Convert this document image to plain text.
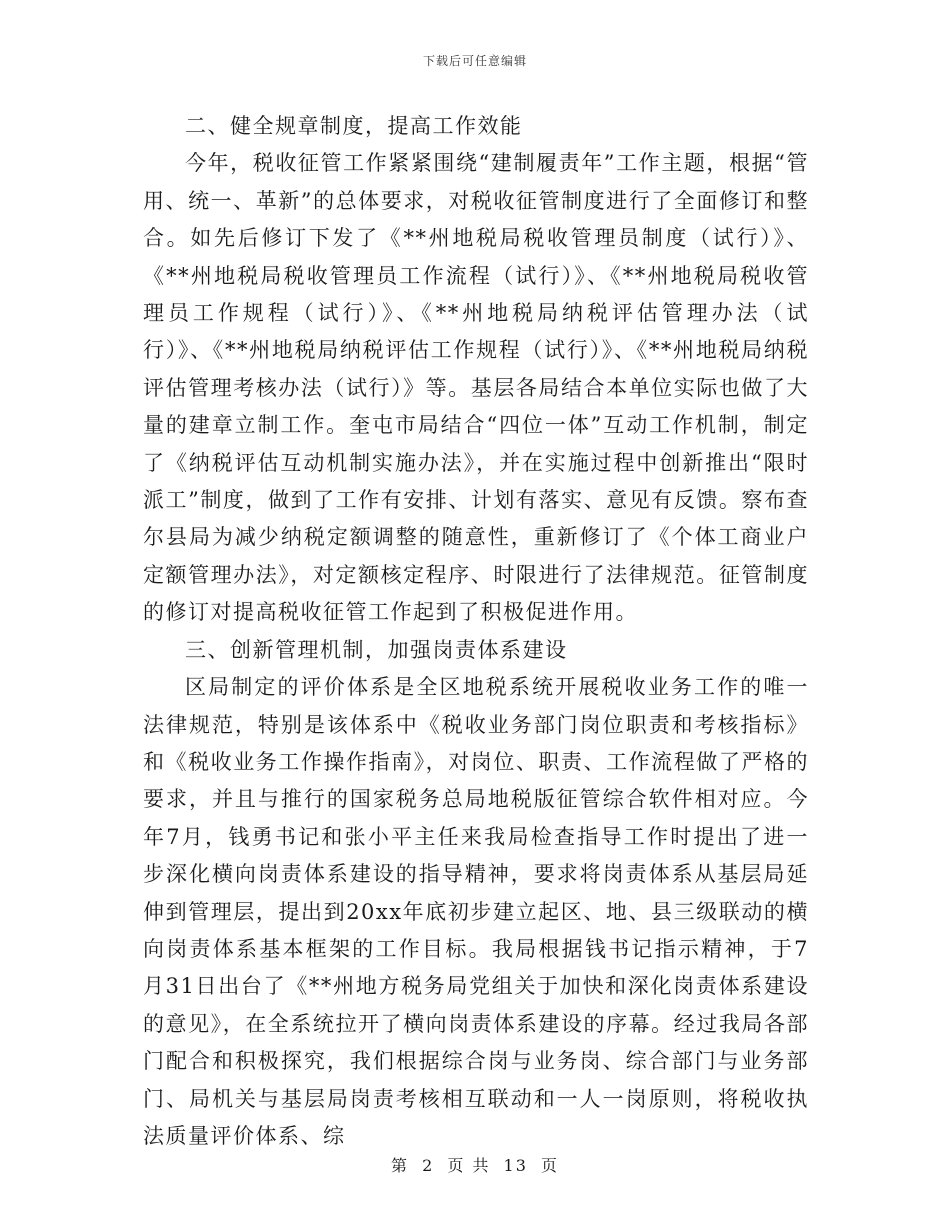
下载后可任意编辑

二、健全规章制度，提高工作效能

今年，税收征管工作紧紧围绕“建制履责年”工作主题，根据“管用、统一、革新”的总体要求，对税收征管制度进行了全面修订和整合。如先后修订下发了《**州地税局税收管理员制度（试行）》、《**州地税局税收管理员工作流程（试行）》、《**州地税局税收管理员工作规程（试行）》、《**州地税局纳税评估管理办法（试行）》、《**州地税局纳税评估工作规程（试行）》、《**州地税局纳税评估管理考核办法（试行）》等。基层各局结合本单位实际也做了大量的建章立制工作。奎屯市局结合“四位一体”互动工作机制，制定了《纳税评估互动机制实施办法》，并在实施过程中创新推出“限时派工”制度，做到了工作有安排、计划有落实、意见有反馈。察布查尔县局为减少纳税定额调整的随意性，重新修订了《个体工商业户定额管理办法》，对定额核定程序、时限进行了法律规范。征管制度的修订对提高税收征管工作起到了积极促进作用。

三、创新管理机制，加强岗责体系建设

区局制定的评价体系是全区地税系统开展税收业务工作的唯一法律规范，特别是该体系中《税收业务部门岗位职责和考核指标》和《税收业务工作操作指南》，对岗位、职责、工作流程做了严格的要求，并且与推行的国家税务总局地税版征管综合软件相对应。今年7月，钱勇书记和张小平主任来我局检查指导工作时提出了进一步深化横向岗责体系建设的指导精神，要求将岗责体系从基层局延伸到管理层，提出到20xx年底初步建立起区、地、县三级联动的横向岗责体系基本框架的工作目标。我局根据钱书记指示精神，于7月31日出台了《**州地方税务局党组关于加快和深化岗责体系建设的意见》，在全系统拉开了横向岗责体系建设的序幕。经过我局各部门配合和积极探究，我们根据综合岗与业务岗、综合部门与业务部门、局机关与基层局岗责考核相互联动和一人一岗原则，将税收执法质量评价体系、综

第 2 页 共 13 页
